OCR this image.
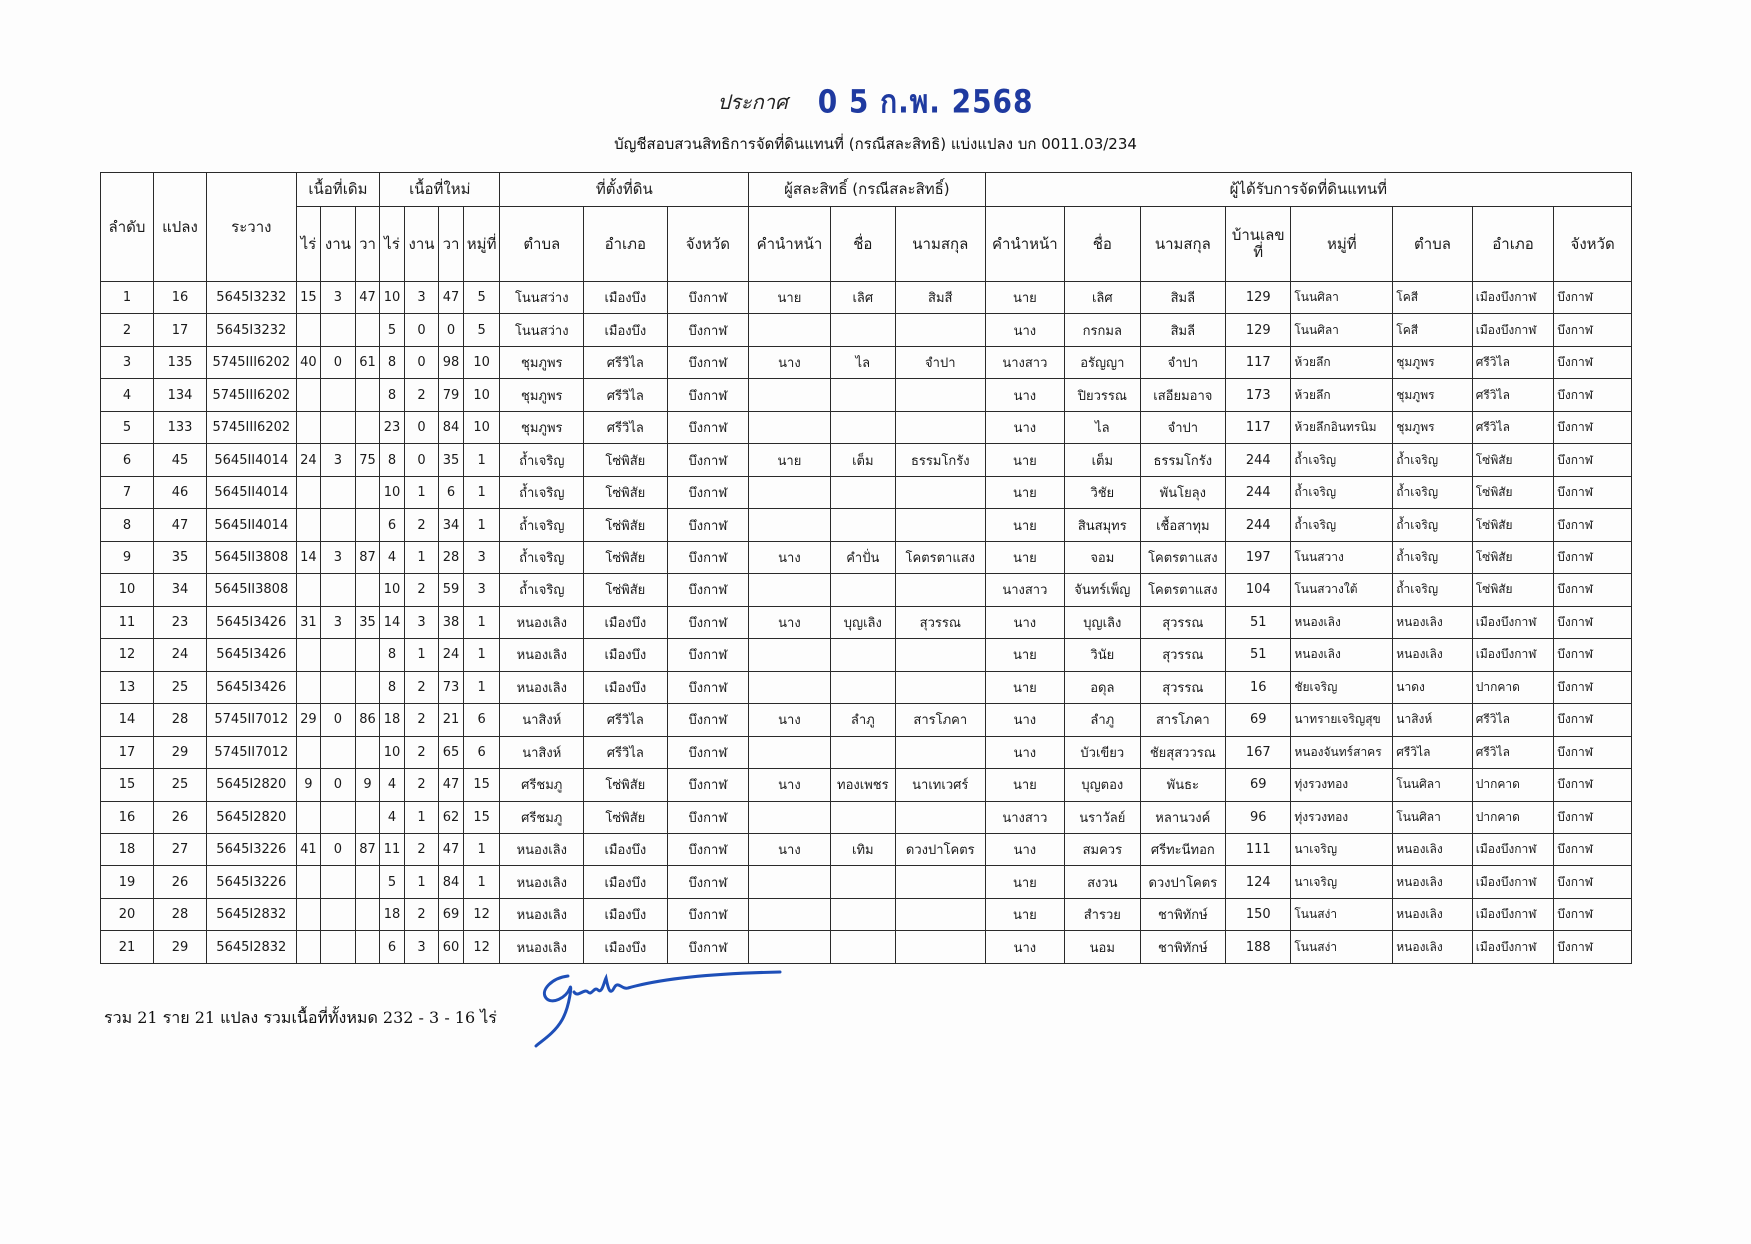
ประกาศ 0 5 ก.พ. 2568
บัญชีสอบสวนสิทธิการจัดที่ดินแทนที่ (กรณีสละสิทธิ) แบ่งแปลง บก 0011.03/234
ลำดับ	แปลง	ระวาง	เนื้อที่เดิม			เนื้อที่ใหม่				ที่ตั้งที่ดิน			ผู้สละสิทธิ์ (กรณีสละสิทธิ์)			ผู้ได้รับการจัดที่ดินแทนที่							
			ไร่	งาน	วา	ไร่	งาน	วา	หมู่ที่	ตำบล	อำเภอ	จังหวัด	คำนำหน้า	ชื่อ	นามสกุล	คำนำหน้า	ชื่อ	นามสกุล	บ้านเลขที่	หมู่ที่	ตำบล	อำเภอ	จังหวัด
1	16	5645I3232	15	3	47	10	3	47	5	โนนสว่าง	เมืองบึง	บึงกาฬ	นาย	เลิศ	สิมสี	นาย	เลิศ	สิมลี	129	โนนศิลา	โคสี	เมืองบึงกาฬ	บึงกาฬ
2	17	5645I3232				5	0	0	5	โนนสว่าง	เมืองบึง	บึงกาฬ				นาง	กรกมล	สิมลี	129	โนนศิลา	โคสี	เมืองบึงกาฬ	บึงกาฬ
3	135	5745III6202	40	0	61	8	0	98	10	ชุมภูพร	ศรีวิไล	บึงกาฬ	นาง	ไล	จำปา	นางสาว	อรัญญา	จำปา	117	ห้วยลึก	ชุมภูพร	ศรีวิไล	บึงกาฬ
4	134	5745III6202				8	2	79	10	ชุมภูพร	ศรีวิไล	บึงกาฬ				นาง	ปิยวรรณ	เสอียมอาจ	173	ห้วยลึก	ชุมภูพร	ศรีวิไล	บึงกาฬ
5	133	5745III6202				23	0	84	10	ชุมภูพร	ศรีวิไล	บึงกาฬ				นาง	ไล	จำปา	117	ห้วยลึกอินทรนิม	ชุมภูพร	ศรีวิไล	บึงกาฬ
6	45	5645II4014	24	3	75	8	0	35	1	ถ้ำเจริญ	โซ่พิสัย	บึงกาฬ	นาย	เต็ม	ธรรมโกรัง	นาย	เต็ม	ธรรมโกรัง	244	ถ้ำเจริญ	ถ้ำเจริญ	โซ่พิสัย	บึงกาฬ
7	46	5645II4014				10	1	6	1	ถ้ำเจริญ	โซ่พิสัย	บึงกาฬ				นาย	วิชัย	พันโยลุง	244	ถ้ำเจริญ	ถ้ำเจริญ	โซ่พิสัย	บึงกาฬ
8	47	5645II4014				6	2	34	1	ถ้ำเจริญ	โซ่พิสัย	บึงกาฬ				นาย	สินสมุทร	เชื้อสาทุม	244	ถ้ำเจริญ	ถ้ำเจริญ	โซ่พิสัย	บึงกาฬ
9	35	5645II3808	14	3	87	4	1	28	3	ถ้ำเจริญ	โซ่พิสัย	บึงกาฬ	นาง	คำปั่น	โคตรตาแสง	นาย	จอม	โคตรตาแสง	197	โนนสวาง	ถ้ำเจริญ	โซ่พิสัย	บึงกาฬ
10	34	5645II3808				10	2	59	3	ถ้ำเจริญ	โซ่พิสัย	บึงกาฬ				นางสาว	จันทร์เพ็ญ	โคตรตาแสง	104	โนนสวางใต้	ถ้ำเจริญ	โซ่พิสัย	บึงกาฬ
11	23	5645I3426	31	3	35	14	3	38	1	หนองเลิง	เมืองบึง	บึงกาฬ	นาง	บุญเลิง	สุวรรณ	นาง	บุญเลิง	สุวรรณ	51	หนองเลิง	หนองเลิง	เมืองบึงกาฬ	บึงกาฬ
12	24	5645I3426				8	1	24	1	หนองเลิง	เมืองบึง	บึงกาฬ				นาย	วินัย	สุวรรณ	51	หนองเลิง	หนองเลิง	เมืองบึงกาฬ	บึงกาฬ
13	25	5645I3426				8	2	73	1	หนองเลิง	เมืองบึง	บึงกาฬ				นาย	อดุล	สุวรรณ	16	ชัยเจริญ	นาดง	ปากคาด	บึงกาฬ
14	28	5745II7012	29	0	86	18	2	21	6	นาสิงห์	ศรีวิไล	บึงกาฬ	นาง	ลำภู	สารโภคา	นาง	ลำภู	สารโภคา	69	นาทรายเจริญสุข	นาสิงห์	ศรีวิไล	บึงกาฬ
17	29	5745II7012				10	2	65	6	นาสิงห์	ศรีวิไล	บึงกาฬ				นาง	บัวเขียว	ชัยสุสววรณ	167	หนองจันทร์สาคร	ศรีวิไล	ศรีวิไล	บึงกาฬ
15	25	5645I2820	9	0	9	4	2	47	15	ศรีชมภู	โซ่พิสัย	บึงกาฬ	นาง	ทองเพชร	นาเทเวศร์	นาย	บุญตอง	พันธะ	69	ทุ่งรวงทอง	โนนศิลา	ปากคาด	บึงกาฬ
16	26	5645I2820				4	1	62	15	ศรีชมภู	โซ่พิสัย	บึงกาฬ				นางสาว	นราวัลย์	หลานวงค์	96	ทุ่งรวงทอง	โนนศิลา	ปากคาด	บึงกาฬ
18	27	5645I3226	41	0	87	11	2	47	1	หนองเลิง	เมืองบึง	บึงกาฬ	นาง	เทิม	ดวงปาโคตร	นาง	สมควร	ศรีทะนีทอก	111	นาเจริญ	หนองเลิง	เมืองบึงกาฬ	บึงกาฬ
19	26	5645I3226				5	1	84	1	หนองเลิง	เมืองบึง	บึงกาฬ				นาย	สงวน	ดวงปาโคตร	124	นาเจริญ	หนองเลิง	เมืองบึงกาฬ	บึงกาฬ
20	28	5645I2832				18	2	69	12	หนองเลิง	เมืองบึง	บึงกาฬ				นาย	สำรวย	ชาพิทักษ์	150	โนนสง่า	หนองเลิง	เมืองบึงกาฬ	บึงกาฬ
21	29	5645I2832				6	3	60	12	หนองเลิง	เมืองบึง	บึงกาฬ				นาง	นอม	ชาพิทักษ์	188	โนนสง่า	หนองเลิง	เมืองบึงกาฬ	บึงกาฬ
รวม 21 ราย 21 แปลง รวมเนื้อที่ทั้งหมด 232 - 3 - 16 ไร่
